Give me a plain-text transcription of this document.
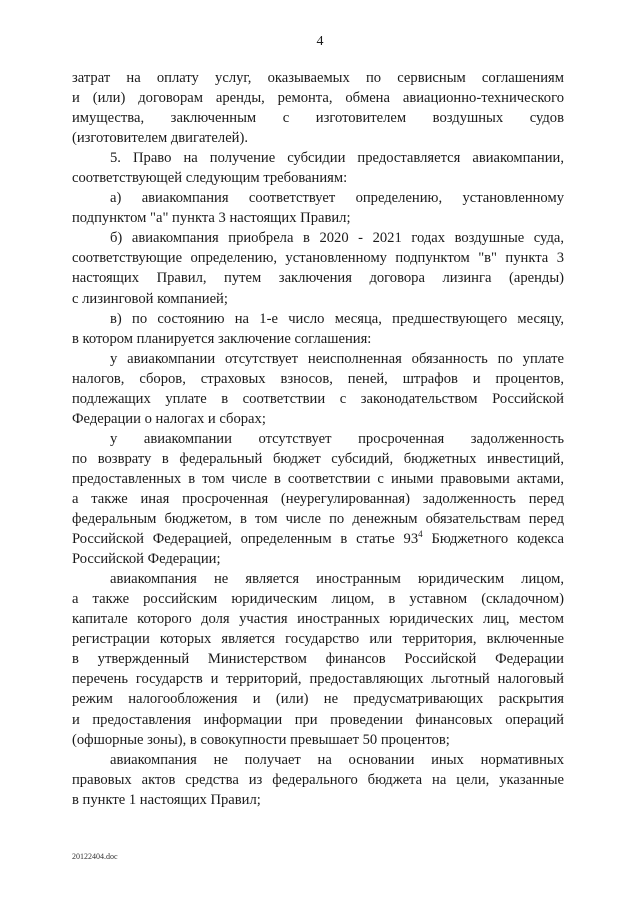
4
затрат на оплату услуг, оказываемых по сервисным соглашениям
и (или) договорам аренды, ремонта, обмена авиационно-технического
имущества, заключенным с изготовителем воздушных судов
(изготовителем двигателей).
5. Право на получение субсидии предоставляется авиакомпании,
соответствующей следующим требованиям:
а) авиакомпания соответствует определению, установленному
подпунктом "а" пункта 3 настоящих Правил;
б) авиакомпания приобрела в 2020 - 2021 годах воздушные суда,
соответствующие определению, установленному подпунктом "в" пункта 3
настоящих Правил, путем заключения договора лизинга (аренды)
с лизинговой компанией;
в) по состоянию на 1-е число месяца, предшествующего месяцу,
в котором планируется заключение соглашения:
у авиакомпании отсутствует неисполненная обязанность по уплате
налогов, сборов, страховых взносов, пеней, штрафов и процентов,
подлежащих уплате в соответствии с законодательством Российской
Федерации о налогах и сборах;
у авиакомпании отсутствует просроченная задолженность
по возврату в федеральный бюджет субсидий, бюджетных инвестиций,
предоставленных в том числе в соответствии с иными правовыми актами,
а также иная просроченная (неурегулированная) задолженность перед
федеральным бюджетом, в том числе по денежным обязательствам перед
Российской Федерацией, определенным в статье $93^4$ Бюджетного кодекса
Российской Федерации;
авиакомпания не является иностранным юридическим лицом,
а также российским юридическим лицом, в уставном (складочном)
капитале которого доля участия иностранных юридических лиц, местом
регистрации которых является государство или территория, включенные
в утвержденный Министерством финансов Российской Федерации
перечень государств и территорий, предоставляющих льготный налоговый
режим налогообложения и (или) не предусматривающих раскрытия
и предоставления информации при проведении финансовых операций
(офшорные зоны), в совокупности превышает 50 процентов;
авиакомпания не получает на основании иных нормативных
правовых актов средства из федерального бюджета на цели, указанные
в пункте 1 настоящих Правил;
20122404.doc
